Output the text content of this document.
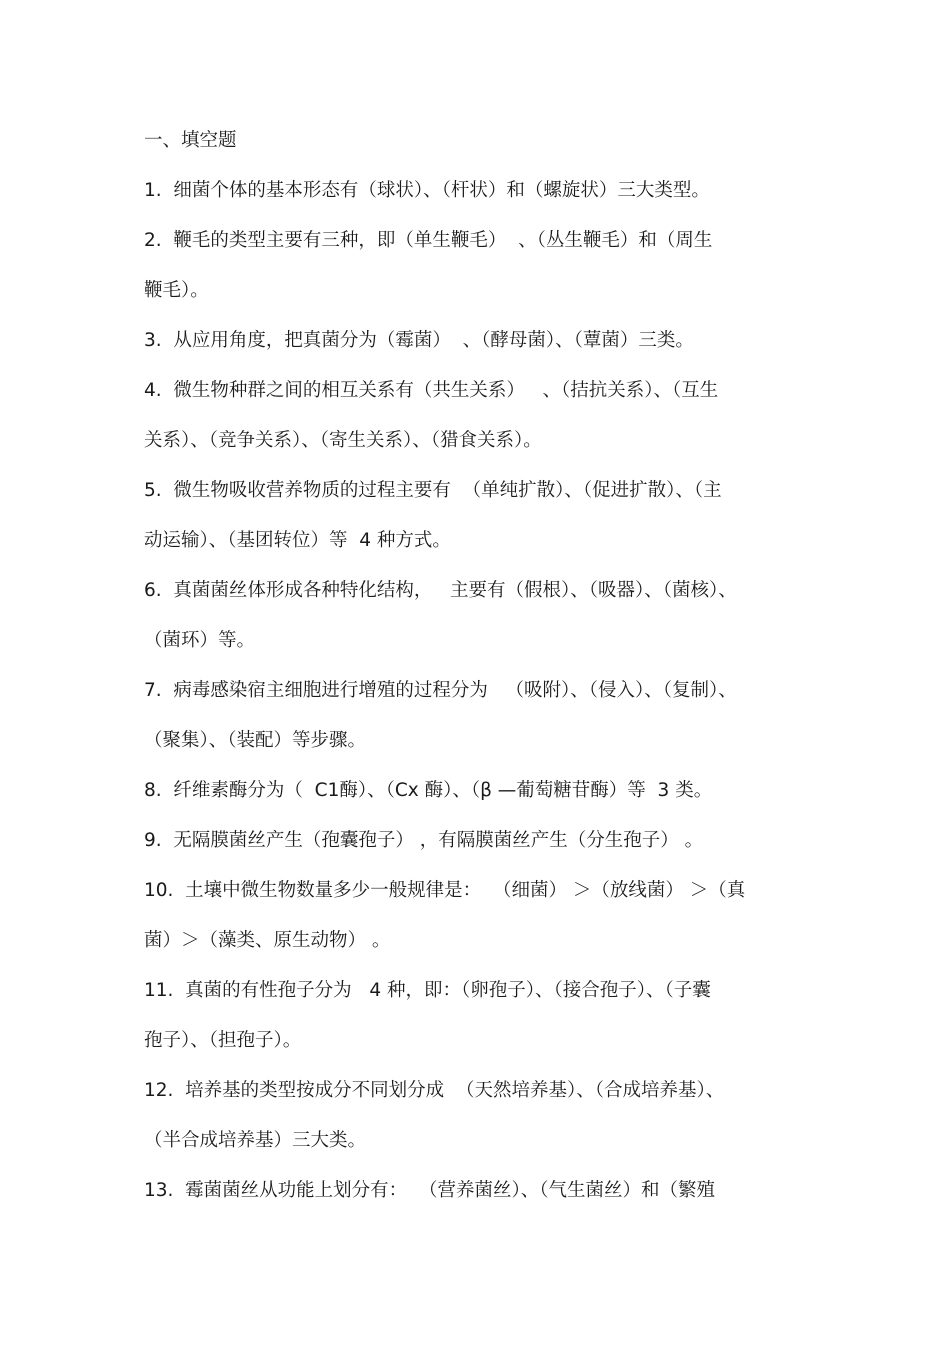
一、填空题
1.  细菌个体的基本形态有（球状）、（杆状）和（螺旋状）三大类型。
2.  鞭毛的类型主要有三种，即（单生鞭毛）  、（丛生鞭毛）和（周生
鞭毛）。
3.  从应用角度，把真菌分为（霉菌）  、（酵母菌）、（蕈菌）三类。
4.  微生物种群之间的相互关系有（共生关系）   、（拮抗关系）、（互生
关系）、（竞争关系）、（寄生关系）、（猎食关系）。
5.  微生物吸收营养物质的过程主要有  （单纯扩散）、（促进扩散）、（主
动运输）、（基团转位）等  4 种方式。
6.  真菌菌丝体形成各种特化结构，   主要有（假根）、（吸器）、（菌核）、
（菌环）等。
7.  病毒感染宿主细胞进行增殖的过程分为   （吸附）、（侵入）、（复制）、
（聚集）、（装配）等步骤。
8.  纤维素酶分为（  C1酶）、（Cx 酶）、（β —葡萄糖苷酶）等  3 类。
9.  无隔膜菌丝产生（孢囊孢子） ，有隔膜菌丝产生（分生孢子） 。
10.  土壤中微生物数量多少一般规律是：  （细菌） ＞（放线菌） ＞（真
菌）＞（藻类、原生动物） 。
11.  真菌的有性孢子分为   4 种，即：（卵孢子）、（接合孢子）、（子囊
孢子）、（担孢子）。
12.  培养基的类型按成分不同划分成  （天然培养基）、（合成培养基）、
（半合成培养基）三大类。
13.  霉菌菌丝从功能上划分有：  （营养菌丝）、（气生菌丝）和（繁殖
